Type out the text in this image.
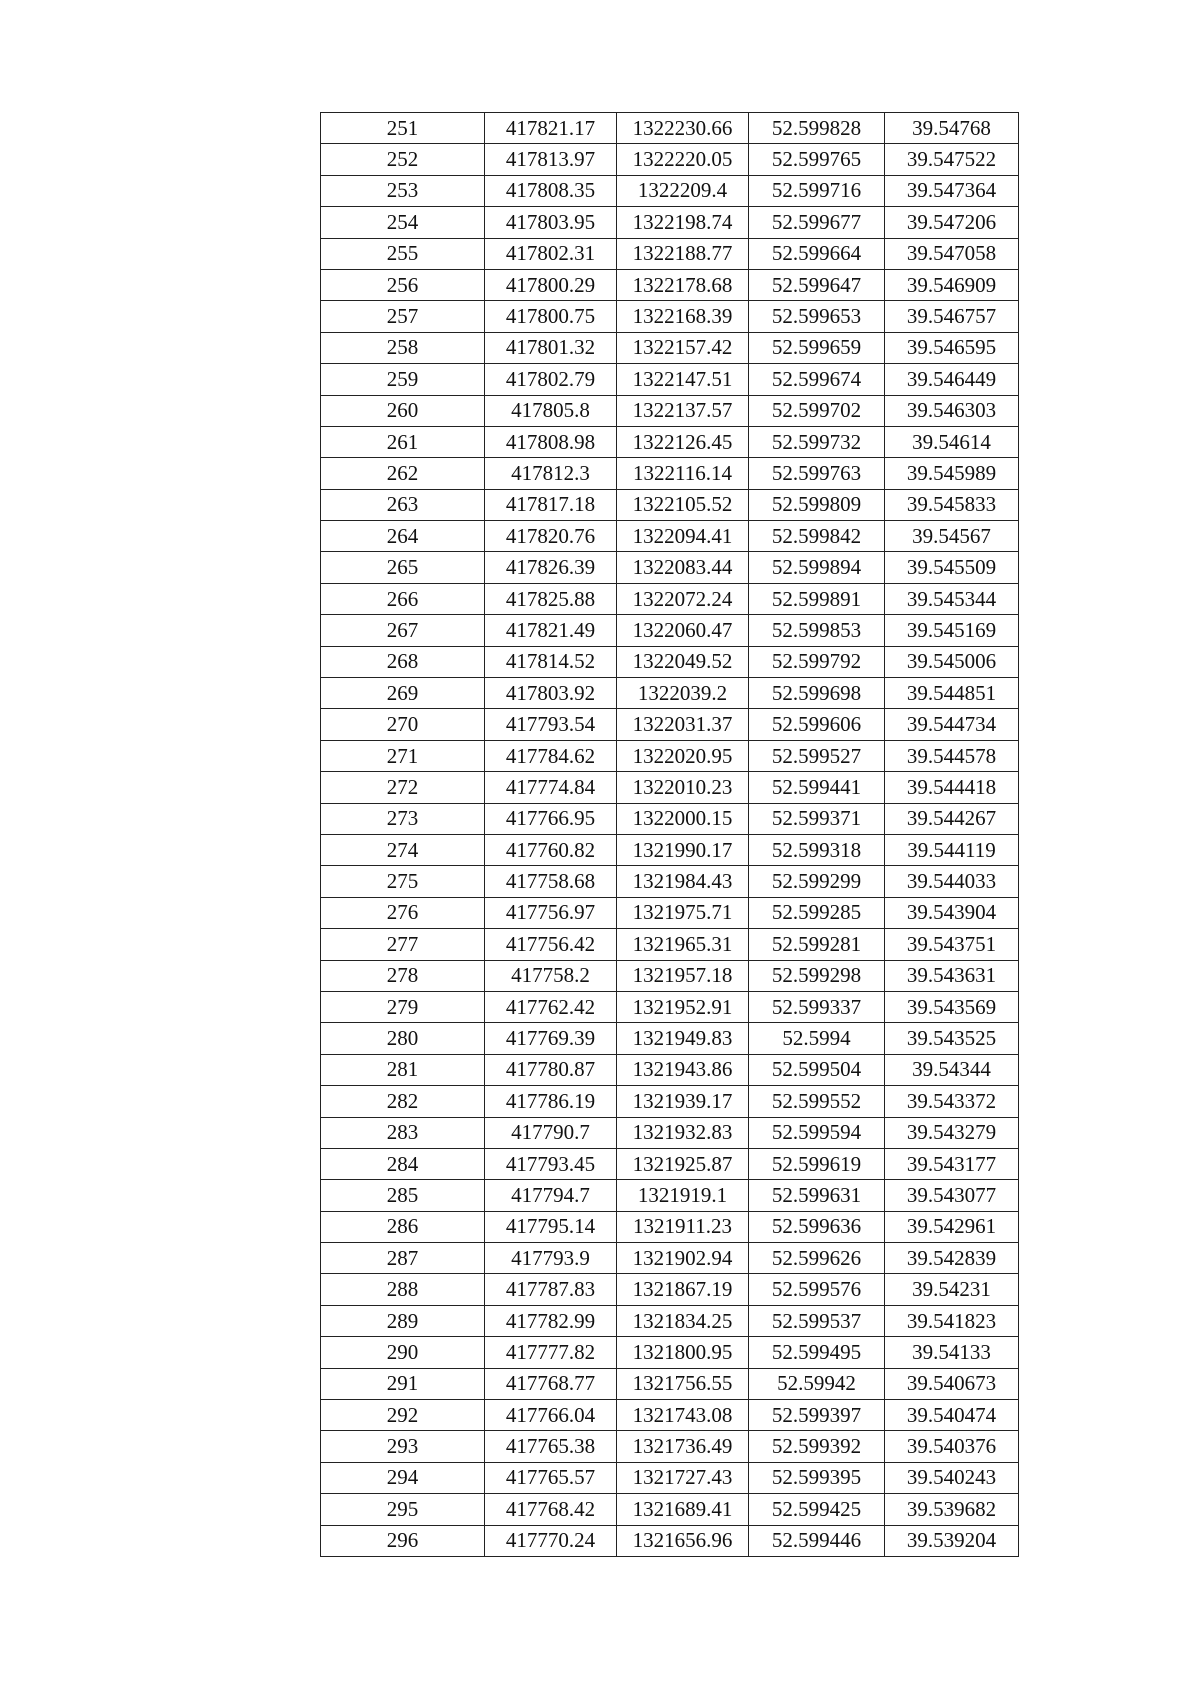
251	417821.17	1322230.66	52.599828	39.54768
252	417813.97	1322220.05	52.599765	39.547522
253	417808.35	1322209.4	52.599716	39.547364
254	417803.95	1322198.74	52.599677	39.547206
255	417802.31	1322188.77	52.599664	39.547058
256	417800.29	1322178.68	52.599647	39.546909
257	417800.75	1322168.39	52.599653	39.546757
258	417801.32	1322157.42	52.599659	39.546595
259	417802.79	1322147.51	52.599674	39.546449
260	417805.8	1322137.57	52.599702	39.546303
261	417808.98	1322126.45	52.599732	39.54614
262	417812.3	1322116.14	52.599763	39.545989
263	417817.18	1322105.52	52.599809	39.545833
264	417820.76	1322094.41	52.599842	39.54567
265	417826.39	1322083.44	52.599894	39.545509
266	417825.88	1322072.24	52.599891	39.545344
267	417821.49	1322060.47	52.599853	39.545169
268	417814.52	1322049.52	52.599792	39.545006
269	417803.92	1322039.2	52.599698	39.544851
270	417793.54	1322031.37	52.599606	39.544734
271	417784.62	1322020.95	52.599527	39.544578
272	417774.84	1322010.23	52.599441	39.544418
273	417766.95	1322000.15	52.599371	39.544267
274	417760.82	1321990.17	52.599318	39.544119
275	417758.68	1321984.43	52.599299	39.544033
276	417756.97	1321975.71	52.599285	39.543904
277	417756.42	1321965.31	52.599281	39.543751
278	417758.2	1321957.18	52.599298	39.543631
279	417762.42	1321952.91	52.599337	39.543569
280	417769.39	1321949.83	52.5994	39.543525
281	417780.87	1321943.86	52.599504	39.54344
282	417786.19	1321939.17	52.599552	39.543372
283	417790.7	1321932.83	52.599594	39.543279
284	417793.45	1321925.87	52.599619	39.543177
285	417794.7	1321919.1	52.599631	39.543077
286	417795.14	1321911.23	52.599636	39.542961
287	417793.9	1321902.94	52.599626	39.542839
288	417787.83	1321867.19	52.599576	39.54231
289	417782.99	1321834.25	52.599537	39.541823
290	417777.82	1321800.95	52.599495	39.54133
291	417768.77	1321756.55	52.59942	39.540673
292	417766.04	1321743.08	52.599397	39.540474
293	417765.38	1321736.49	52.599392	39.540376
294	417765.57	1321727.43	52.599395	39.540243
295	417768.42	1321689.41	52.599425	39.539682
296	417770.24	1321656.96	52.599446	39.539204
